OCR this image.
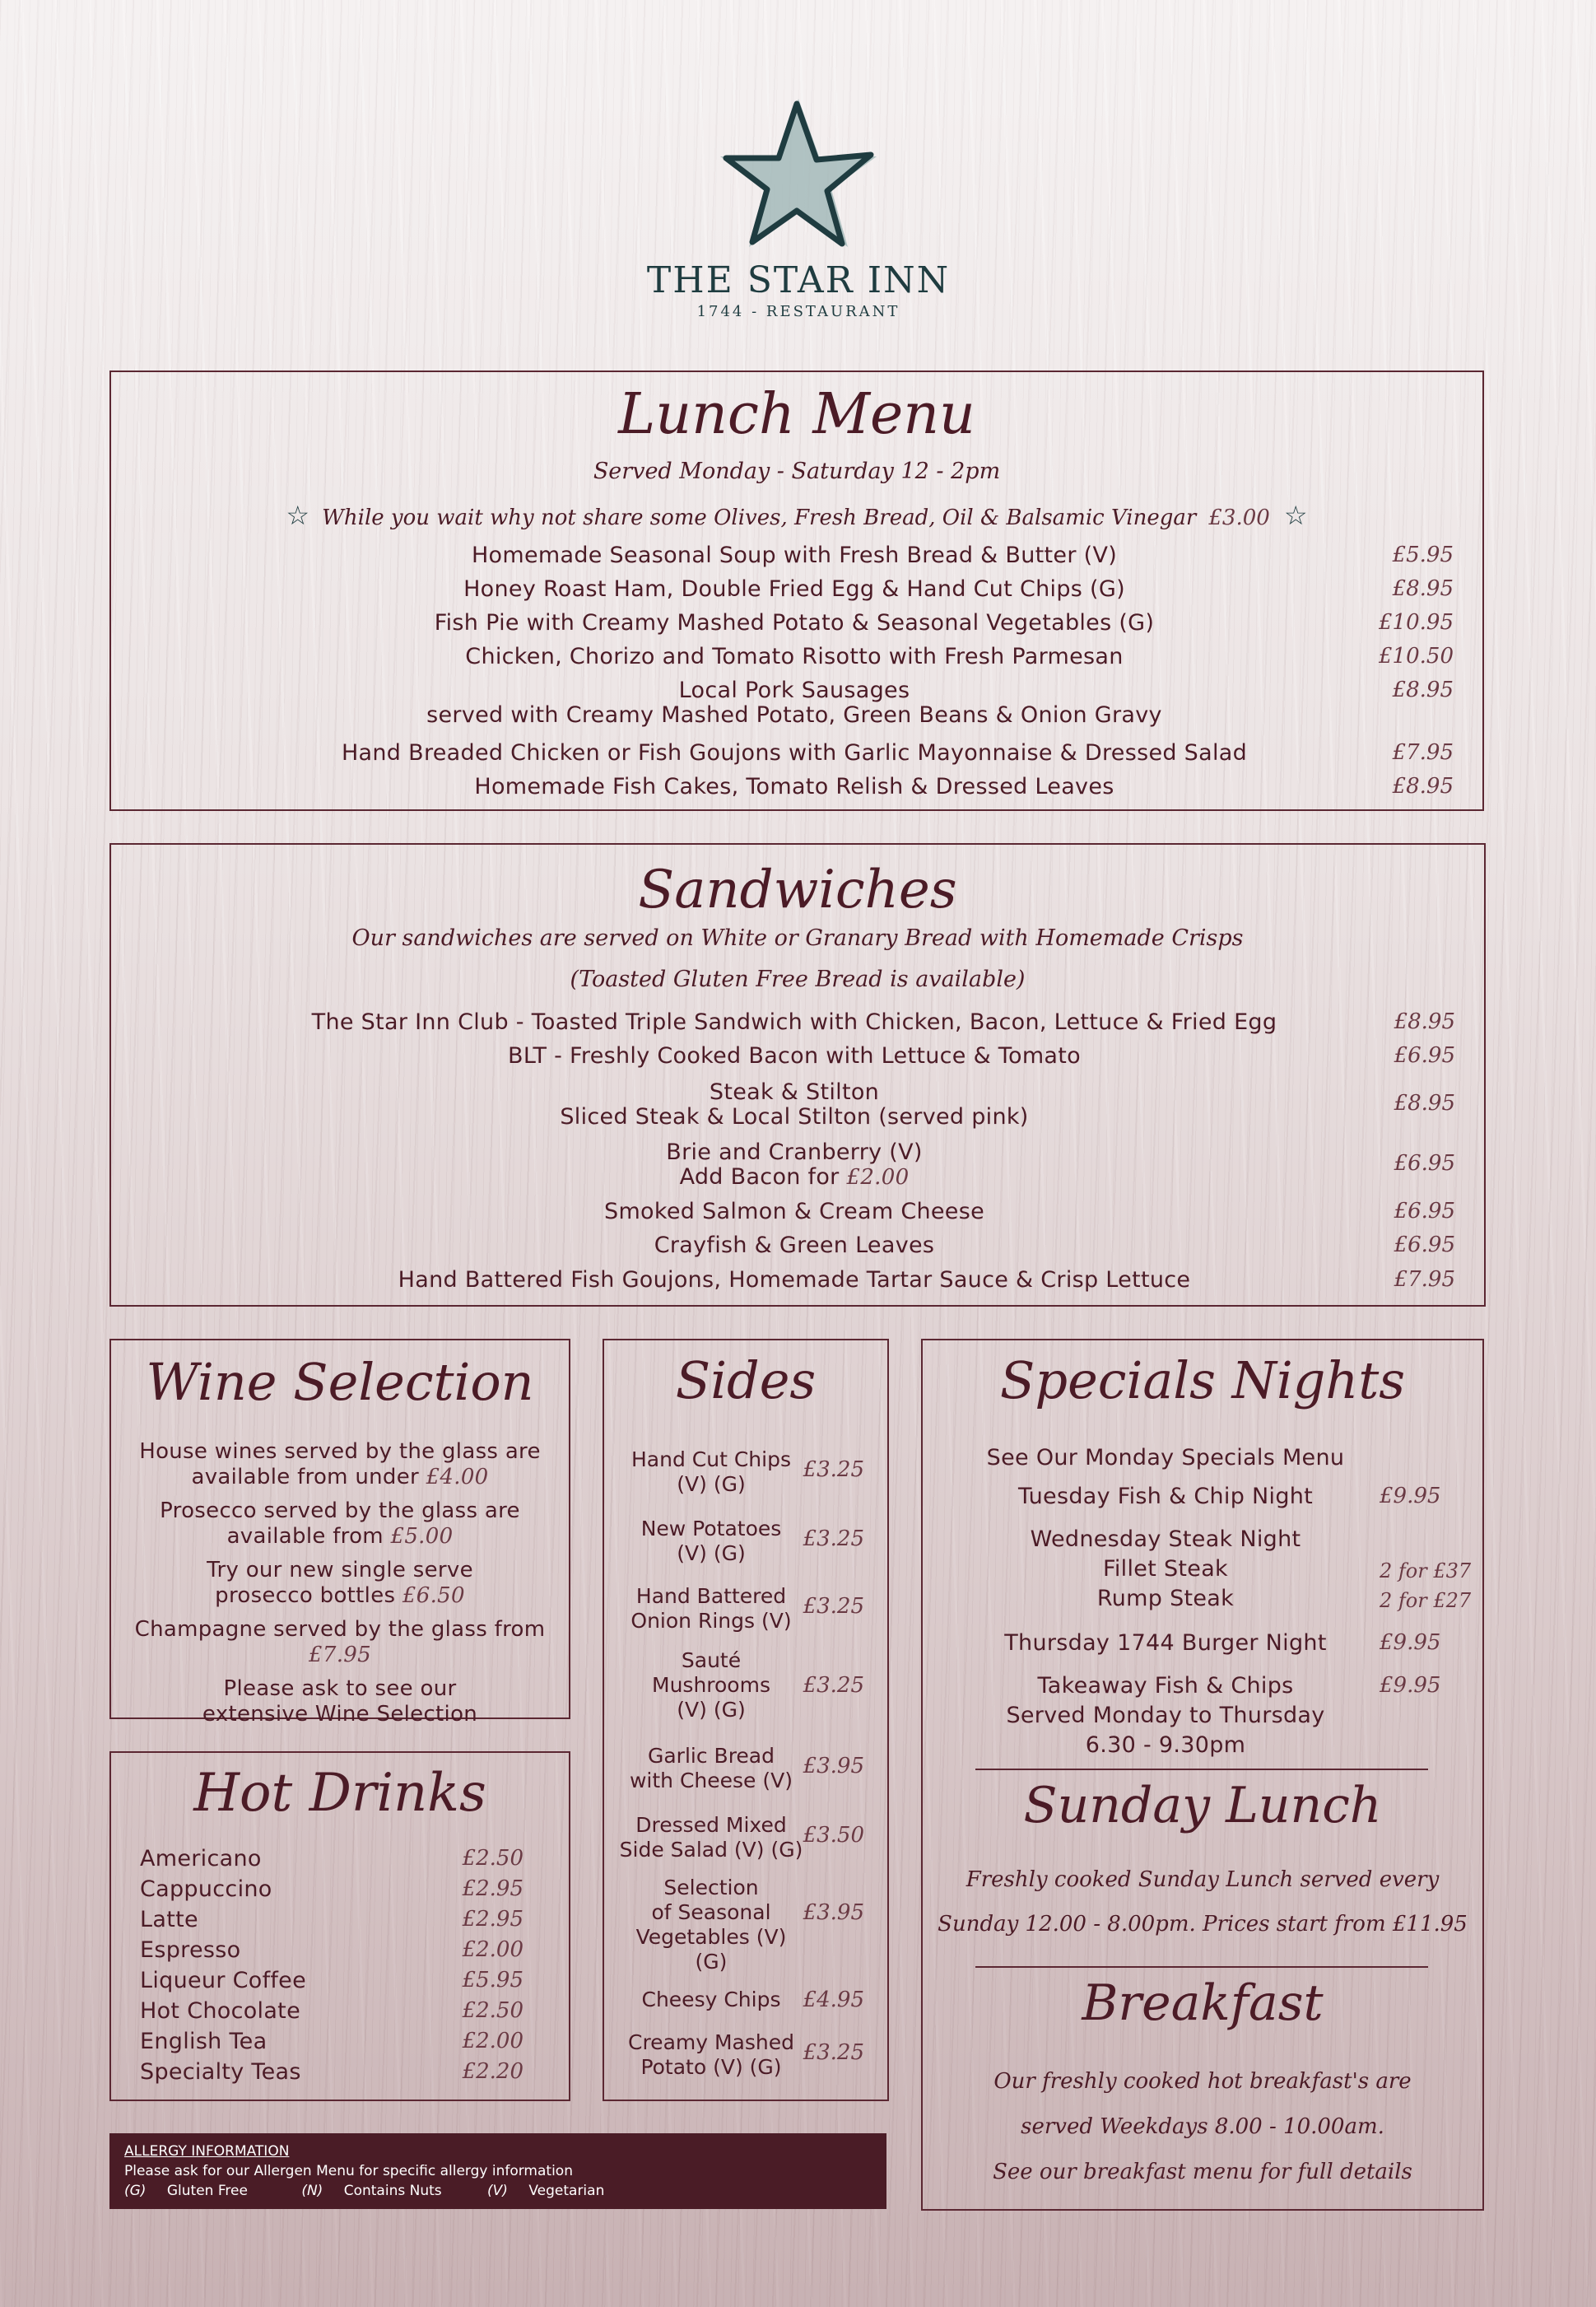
THE STAR INN
1744 - RESTAURANT
Lunch Menu
Served Monday - Saturday 12 - 2pm
☆ While you wait why not share some Olives, Fresh Bread, Oil & Balsamic Vinegar £3.00 ☆
Homemade Seasonal Soup with Fresh Bread & Butter (V)	£5.95
Honey Roast Ham, Double Fried Egg & Hand Cut Chips (G)	£8.95
Fish Pie with Creamy Mashed Potato & Seasonal Vegetables (G)	£10.95
Chicken, Chorizo and Tomato Risotto with Fresh Parmesan	£10.50
Local Pork Sausages
served with Creamy Mashed Potato, Green Beans & Onion Gravy
£8.95
Hand Breaded Chicken or Fish Goujons with Garlic Mayonnaise & Dressed Salad	£7.95
Homemade Fish Cakes, Tomato Relish & Dressed Leaves	£8.95
Sandwiches
Our sandwiches are served on White or Granary Bread with Homemade Crisps
(Toasted Gluten Free Bread is available)
The Star Inn Club - Toasted Triple Sandwich with Chicken, Bacon, Lettuce & Fried Egg	£8.95
BLT - Freshly Cooked Bacon with Lettuce & Tomato	£6.95
Steak & Stilton
Sliced Steak & Local Stilton (served pink)
£8.95
Brie and Cranberry (V)
Add Bacon for £2.00
£6.95
Smoked Salmon & Cream Cheese	£6.95
Crayfish & Green Leaves	£6.95
Hand Battered Fish Goujons, Homemade Tartar Sauce & Crisp Lettuce	£7.95
Wine Selection
House wines served by the glass are
available from under £4.00
Prosecco served by the glass are
available from £5.00
Try our new single serve
prosecco bottles £6.50
Champagne served by the glass from £7.95
Please ask to see our
extensive Wine Selection
Hot Drinks
Americano	£2.50
Cappuccino	£2.95
Latte	£2.95
Espresso	£2.00
Liqueur Coffee	£5.95
Hot Chocolate	£2.50
English Tea	£2.00
Specialty Teas	£2.20
Sides
Hand Cut Chips
(V) (G)
£3.25
New Potatoes
(V) (G)
£3.25
Hand Battered
Onion Rings (V)
£3.25
Sauté
Mushrooms
(V) (G)
£3.25
Garlic Bread
with Cheese (V)
£3.95
Dressed Mixed
Side Salad (V) (G)
£3.50
Selection
of Seasonal
Vegetables (V)
(G)
£3.95
Cheesy Chips	£4.95
Creamy Mashed
Potato (V) (G)
£3.25
Specials Nights
See Our Monday Specials Menu
Tuesday Fish & Chip Night	£9.95
Wednesday Steak Night
Fillet Steak	2 for £37
Rump Steak	2 for £27
Thursday 1744 Burger Night	£9.95
Takeaway Fish & Chips
Served Monday to Thursday
6.30 - 9.30pm
£9.95
Sunday Lunch
Freshly cooked Sunday Lunch served every
Sunday 12.00 - 8.00pm. Prices start from £11.95
Breakfast
Our freshly cooked hot breakfast's are
served Weekdays 8.00 - 10.00am.
See our breakfast menu for full details
ALLERGY INFORMATION
Please ask for our Allergen Menu for specific allergy information
(G) Gluten Free	(N) Contains Nuts	(V) Vegetarian
